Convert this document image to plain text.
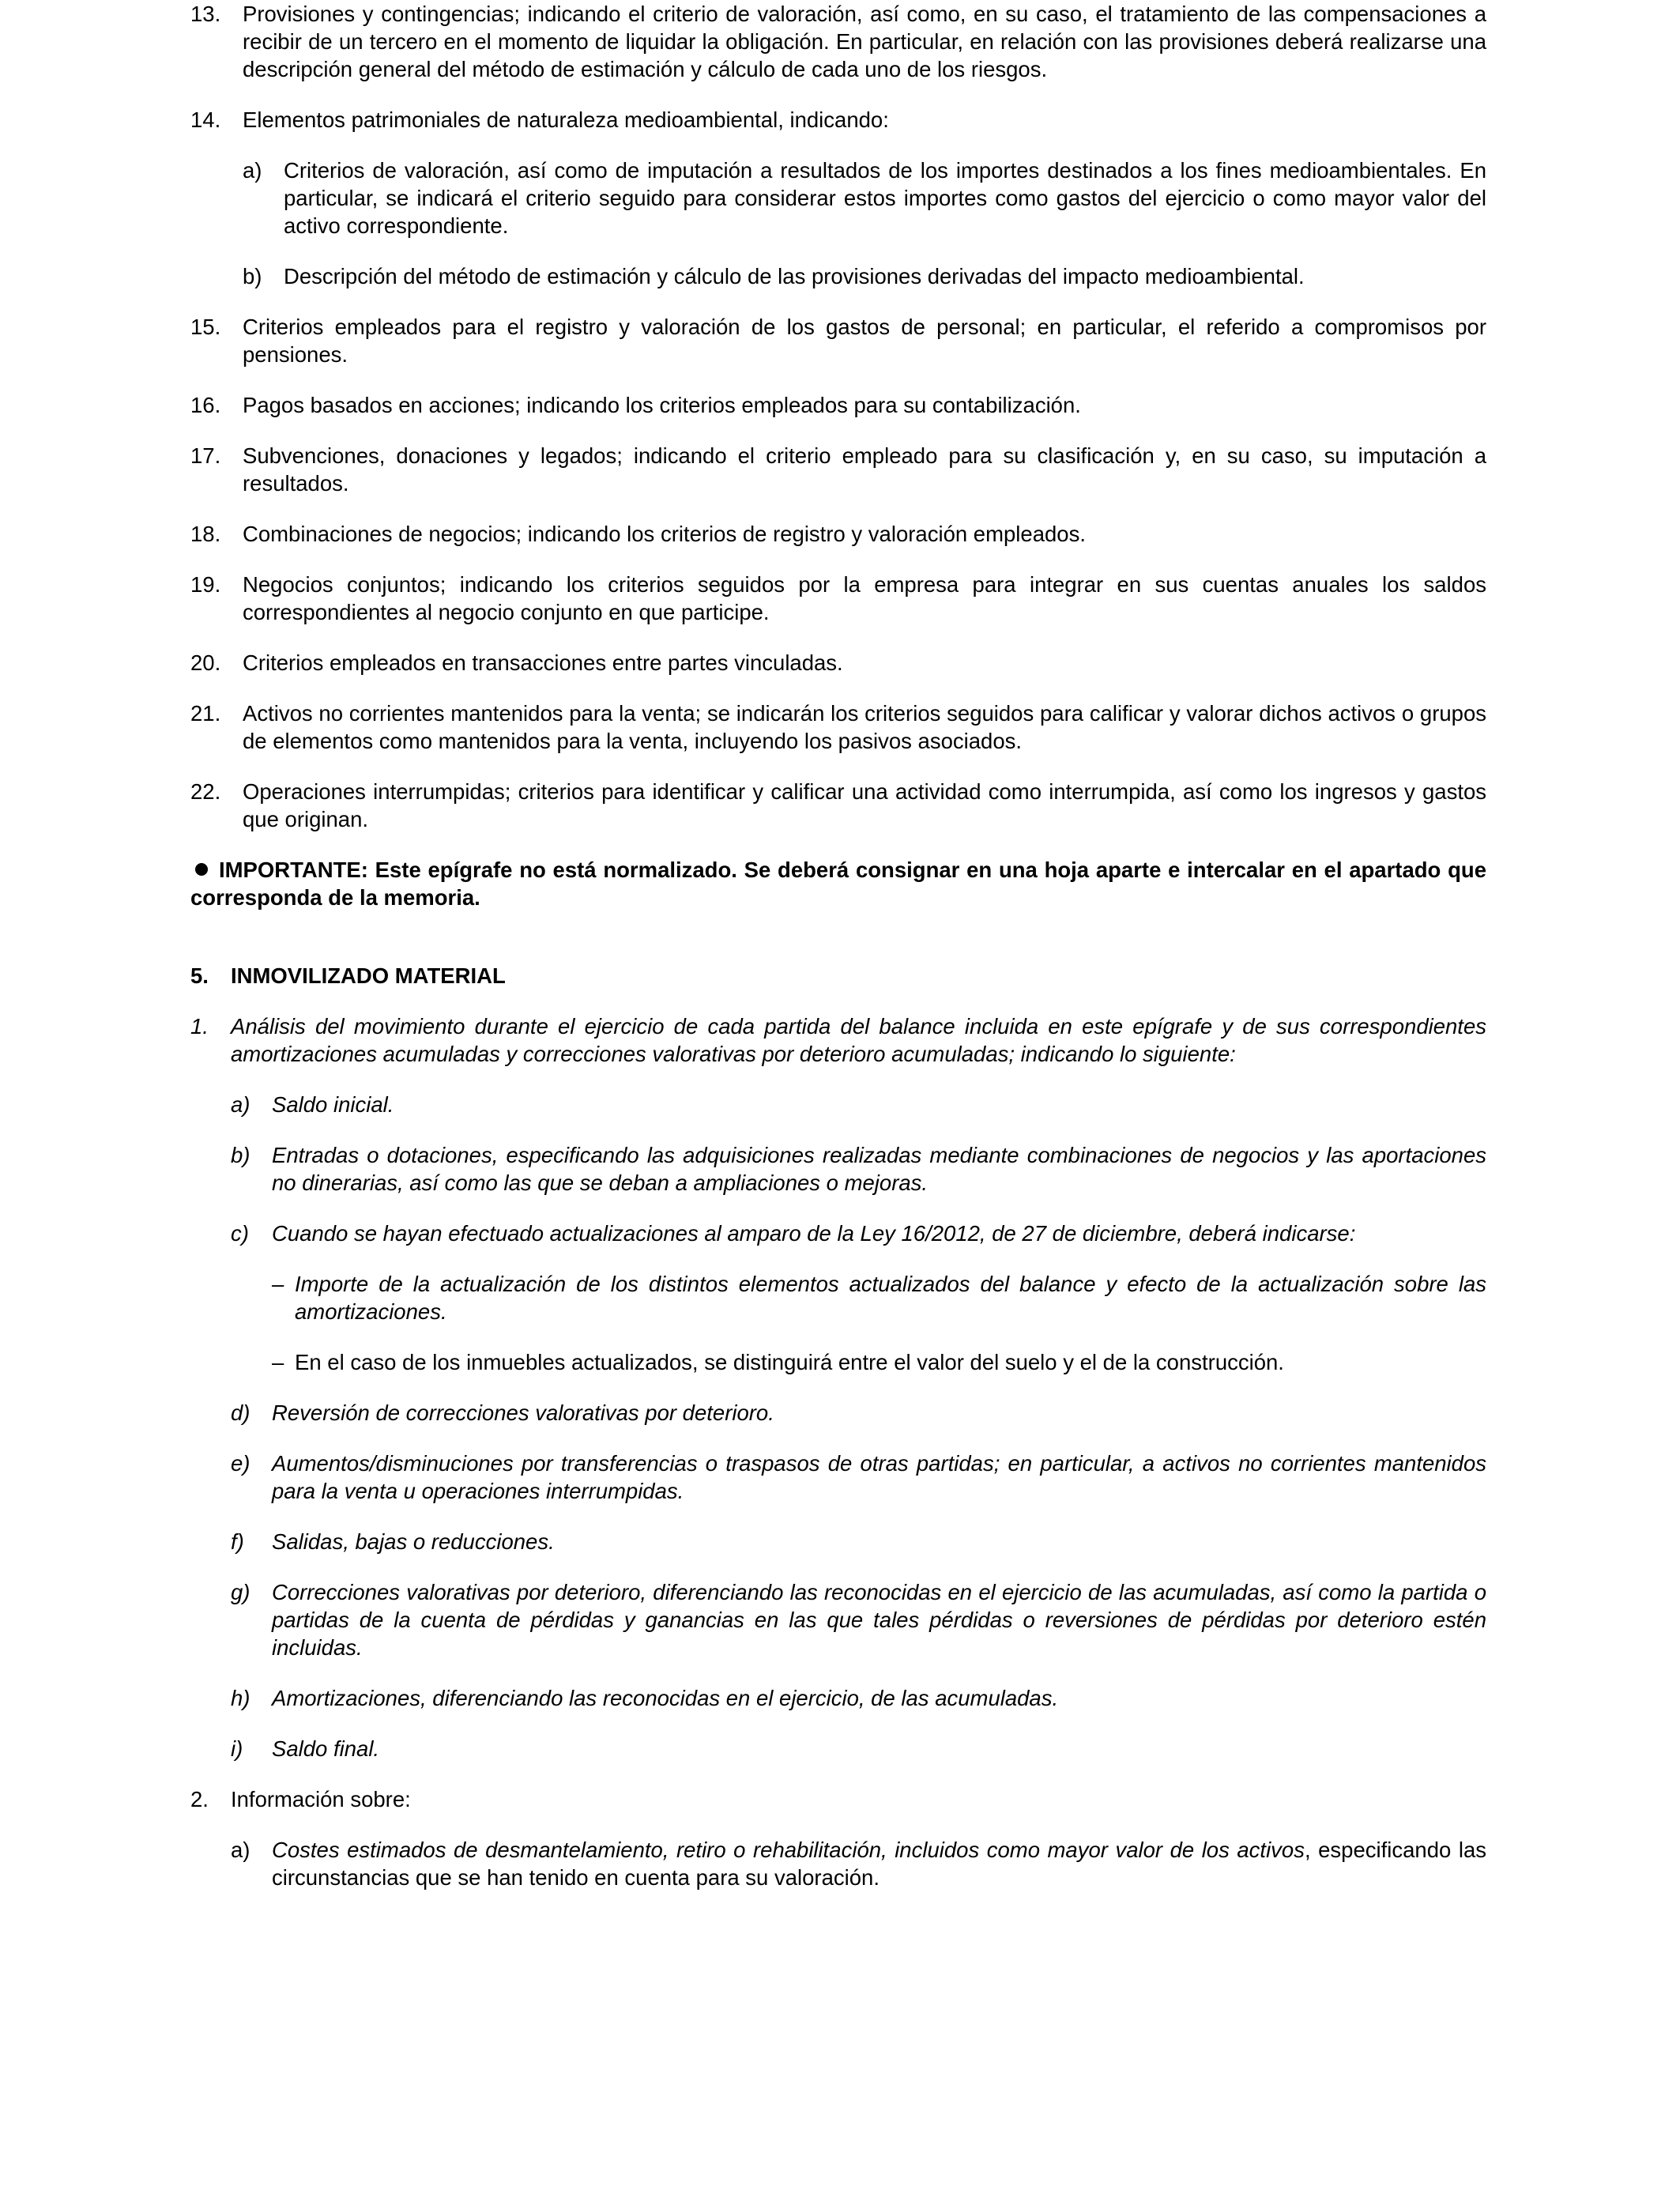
13. Provisiones y contingencias; indicando el criterio de valoración, así como, en su caso, el tratamiento de las compensaciones a recibir de un tercero en el momento de liquidar la obligación. En particular, en relación con las provisiones deberá realizarse una descripción general del método de estimación y cálculo de cada uno de los riesgos.
14. Elementos patrimoniales de naturaleza medioambiental, indicando:
a) Criterios de valoración, así como de imputación a resultados de los importes destinados a los fines medioambientales. En particular, se indicará el criterio seguido para considerar estos importes como gastos del ejercicio o como mayor valor del activo correspondiente.
b) Descripción del método de estimación y cálculo de las provisiones derivadas del impacto medioambiental.
15. Criterios empleados para el registro y valoración de los gastos de personal; en particular, el referido a compromisos por pensiones.
16. Pagos basados en acciones; indicando los criterios empleados para su contabilización.
17. Subvenciones, donaciones y legados; indicando el criterio empleado para su clasificación y, en su caso, su imputación a resultados.
18. Combinaciones de negocios; indicando los criterios de registro y valoración empleados.
19. Negocios conjuntos; indicando los criterios seguidos por la empresa para integrar en sus cuentas anuales los saldos correspondientes al negocio conjunto en que participe.
20. Criterios empleados en transacciones entre partes vinculadas.
21. Activos no corrientes mantenidos para la venta; se indicarán los criterios seguidos para calificar y valorar dichos activos o grupos de elementos como mantenidos para la venta, incluyendo los pasivos asociados.
22. Operaciones interrumpidas; criterios para identificar y calificar una actividad como interrumpida, así como los ingresos y gastos que originan.
IMPORTANTE: Este epígrafe no está normalizado. Se deberá consignar en una hoja aparte e intercalar en el apartado que corresponda de la memoria.
5. INMOVILIZADO MATERIAL
1. Análisis del movimiento durante el ejercicio de cada partida del balance incluida en este epígrafe y de sus correspondientes amortizaciones acumuladas y correcciones valorativas por deterioro acumuladas; indicando lo siguiente:
a) Saldo inicial.
b) Entradas o dotaciones, especificando las adquisiciones realizadas mediante combinaciones de negocios y las aportaciones no dinerarias, así como las que se deban a ampliaciones o mejoras.
c) Cuando se hayan efectuado actualizaciones al amparo de la Ley 16/2012, de 27 de diciembre, deberá indicarse:
– Importe de la actualización de los distintos elementos actualizados del balance y efecto de la actualización sobre las amortizaciones.
– En el caso de los inmuebles actualizados, se distinguirá entre el valor del suelo y el de la construcción.
d) Reversión de correcciones valorativas por deterioro.
e) Aumentos/disminuciones por transferencias o traspasos de otras partidas; en particular, a activos no corrientes mantenidos para la venta u operaciones interrumpidas.
f) Salidas, bajas o reducciones.
g) Correcciones valorativas por deterioro, diferenciando las reconocidas en el ejercicio de las acumuladas, así como la partida o partidas de la cuenta de pérdidas y ganancias en las que tales pérdidas o reversiones de pérdidas por deterioro estén incluidas.
h) Amortizaciones, diferenciando las reconocidas en el ejercicio, de las acumuladas.
i) Saldo final.
2. Información sobre:
a) Costes estimados de desmantelamiento, retiro o rehabilitación, incluidos como mayor valor de los activos, especificando las circunstancias que se han tenido en cuenta para su valoración.
